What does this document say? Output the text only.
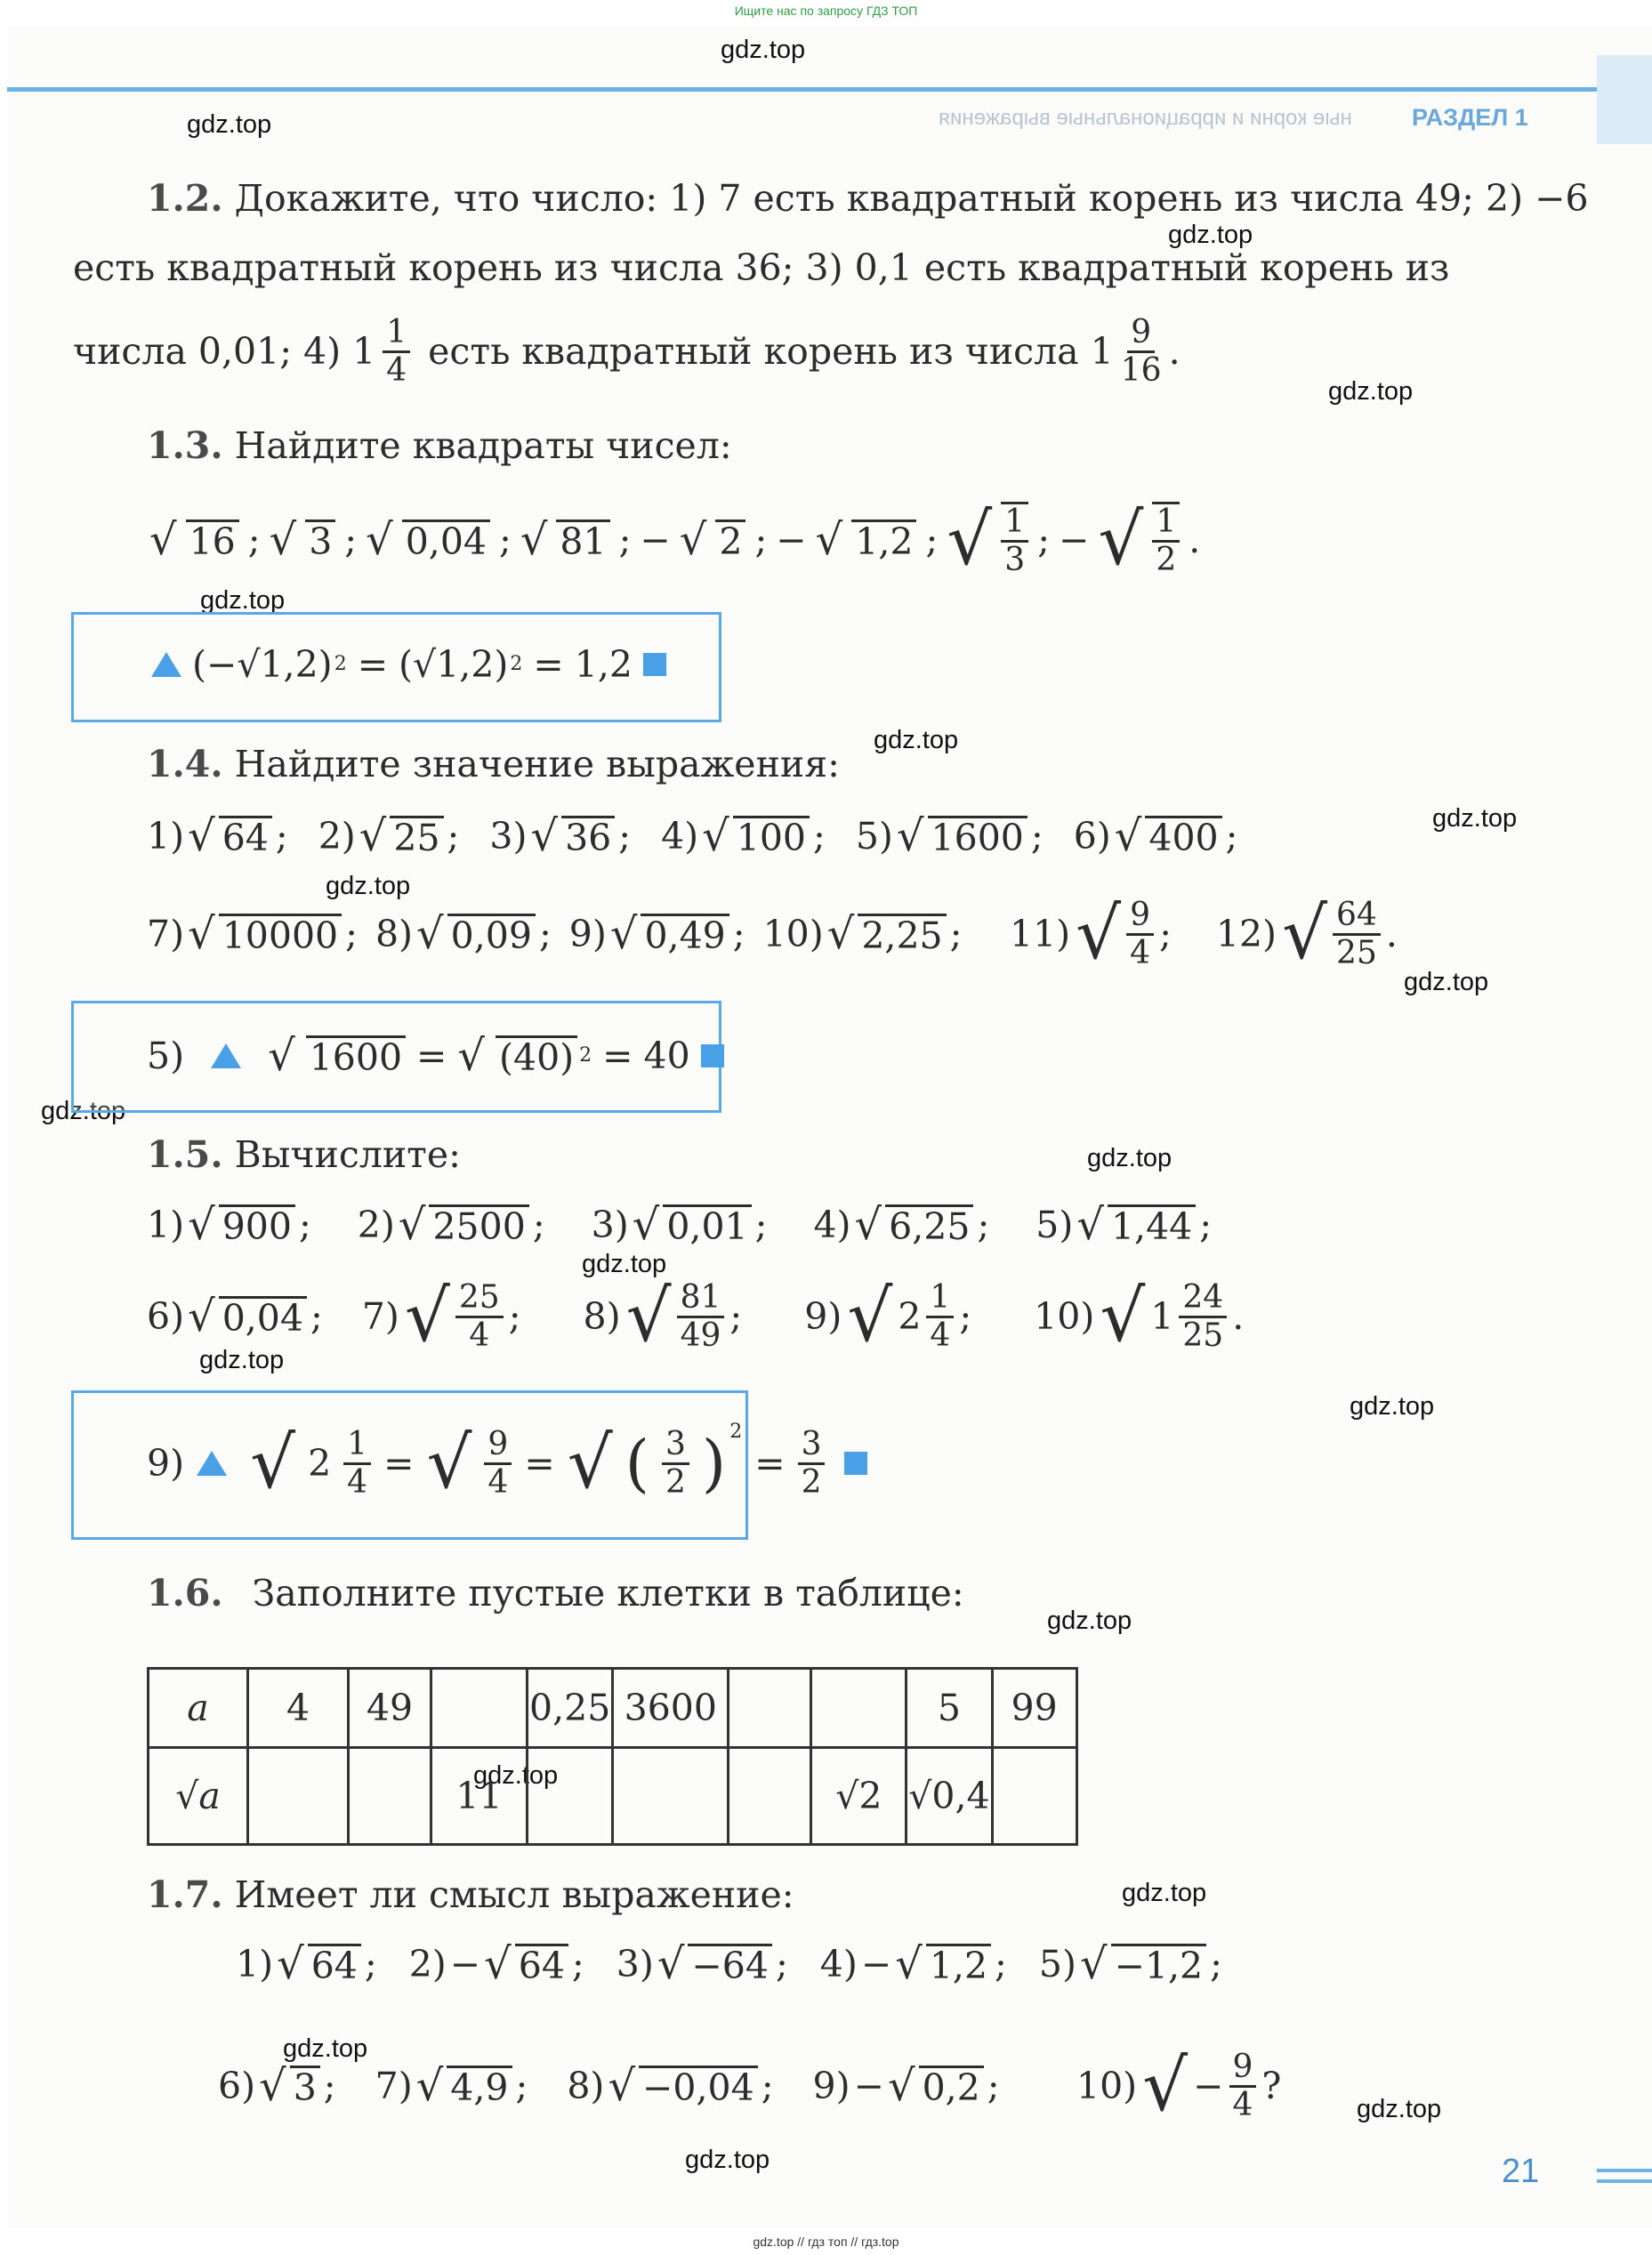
Ищите нас по запросу ГДЗ ТОП
ные корни и иррациональные выражения РАЗДЕЛ 1
gdz.top
gdz.top
gdz.top
gdz.top
gdz.top
gdz.top
gdz.top
gdz.top
gdz.top
gdz.top
gdz.top
gdz.top
gdz.top
gdz.top
gdz.top
gdz.top
gdz.top
gdz.top
gdz.top
gdz.top
1.2. Докажите, что число: 1) 7 есть квадратный корень из числа 49; 2) −6
есть квадратный корень из числа 36; 3) 0,1 есть квадратный корень из
числа 0,01; 4) $1 \frac{1}{4}$ есть квадратный корень из числа $1 \frac{9}{16}$ .
1.3. Найдите квадраты чисел:
√ 16 ; √ 3 ; √ 0,04 ; √ 81 ; − √ 2 ; − √ 1,2 ; √ $\frac{1}{3}$ ; − √ $\frac{1}{2}$ .
(−√1,2) 2 = (√1,2) 2 = 1,2
1.4. Найдите значение выражения:
1) √ 64 ; 2) √ 25 ; 3) √ 36 ; 4) √ 100 ; 5) √ 1600 ; 6) √ 400 ;
7) √ 10000 ; 8) √ 0,09 ; 9) √ 0,49 ; 10) √ 2,25 ; 11) √ $\frac{9}{4}$ ; 12) √ $\frac{64}{25}$ .
5) √ 1600 = √ (40) 2 = 40
1.5. Вычислите:
1) √ 900 ; 2) √ 2500 ; 3) √ 0,01 ; 4) √ 6,25 ; 5) √ 1,44 ;
6) √ 0,04 ; 7) √ $\frac{25}{4}$ ; 8) √ $\frac{81}{49}$ ; 9) √ $2 \frac{1}{4}$ ; 10) √ $1 \frac{24}{25}$ .
9) √ $2 \frac{1}{4}$ = √ $\frac{9}{4}$ = √ ( $\frac{3}{2} )^2$
= $\frac{3}{2}$
1.6. Заполните пустые клетки в таблице:
a	4	49		0,25	3600			5	99
√a			11				√2	√0,4	
1.7. Имеет ли смысл выражение:
1) √ 64 ; 2) − √ 64 ; 3) √ −64 ; 4) − √ 1,2 ; 5) √ −1,2 ;
6) √ 3 ; 7) √ 4,9 ; 8) √ −0,04 ; 9) − √ 0,2 ; 10) √ − $\frac{9}{4}$ ?
21
gdz.top // гдз топ // гдз.top
